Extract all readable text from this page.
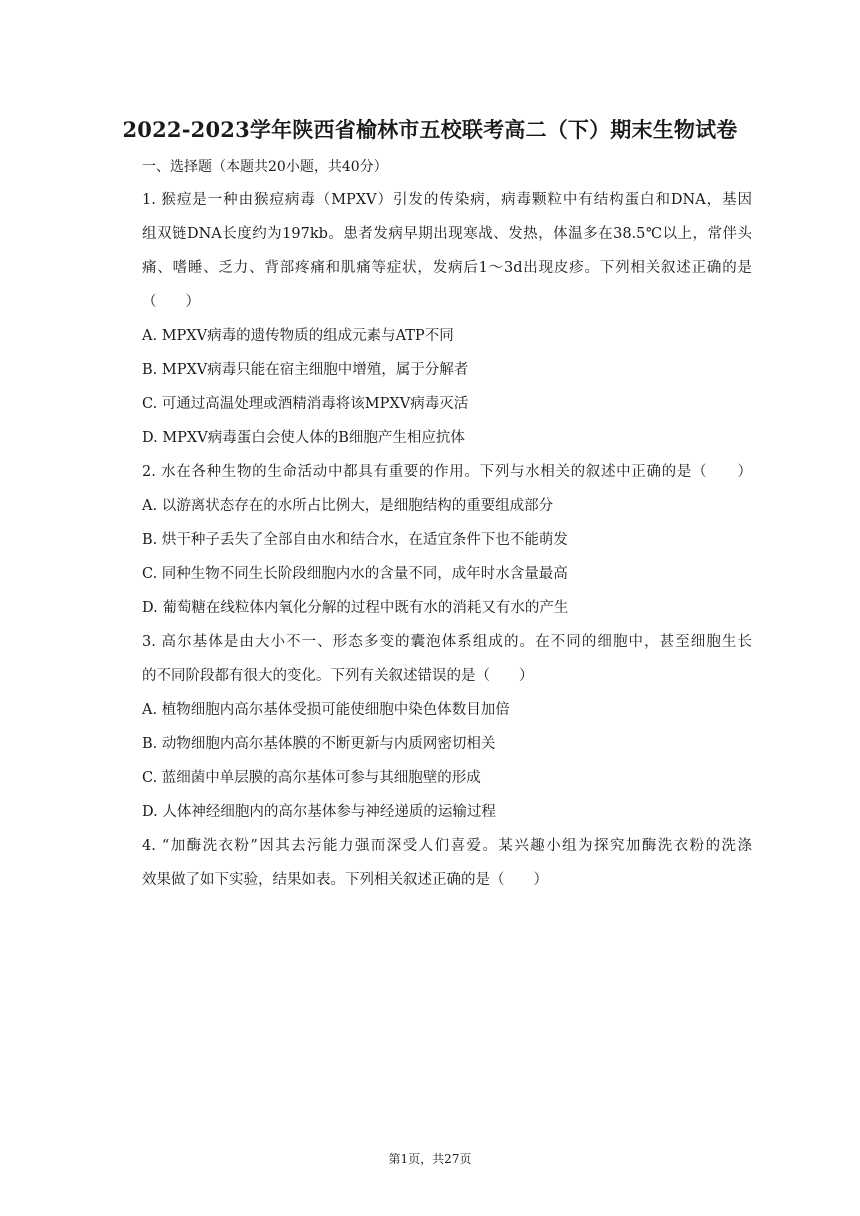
2022-2023学年陕西省榆林市五校联考高二（下）期末生物试卷
一、选择题（本题共20小题，共40分）
1. 猴痘是一种由猴痘病毒（MPXV）引发的传染病，病毒颗粒中有结构蛋白和DNA，基因
组双链DNA长度约为197kb。患者发病早期出现寒战、发热，体温多在38.5℃以上，常伴头
痛、嗜睡、乏力、背部疼痛和肌痛等症状，发病后1～3d出现皮疹。下列相关叙述正确的是
（　　）
A. MPXV病毒的遗传物质的组成元素与ATP不同
B. MPXV病毒只能在宿主细胞中增殖，属于分解者
C. 可通过高温处理或酒精消毒将该MPXV病毒灭活
D. MPXV病毒蛋白会使人体的B细胞产生相应抗体
2. 水在各种生物的生命活动中都具有重要的作用。下列与水相关的叙述中正确的是（　　）
A. 以游离状态存在的水所占比例大，是细胞结构的重要组成部分
B. 烘干种子丢失了全部自由水和结合水，在适宜条件下也不能萌发
C. 同种生物不同生长阶段细胞内水的含量不同，成年时水含量最高
D. 葡萄糖在线粒体内氧化分解的过程中既有水的消耗又有水的产生
3. 高尔基体是由大小不一、形态多变的囊泡体系组成的。在不同的细胞中，甚至细胞生长
的不同阶段都有很大的变化。下列有关叙述错误的是（　　）
A. 植物细胞内高尔基体受损可能使细胞中染色体数目加倍
B. 动物细胞内高尔基体膜的不断更新与内质网密切相关
C. 蓝细菌中单层膜的高尔基体可参与其细胞壁的形成
D. 人体神经细胞内的高尔基体参与神经递质的运输过程
4. “加酶洗衣粉”因其去污能力强而深受人们喜爱。某兴趣小组为探究加酶洗衣粉的洗涤
效果做了如下实验，结果如表。下列相关叙述正确的是（　　）
第1页，共27页
